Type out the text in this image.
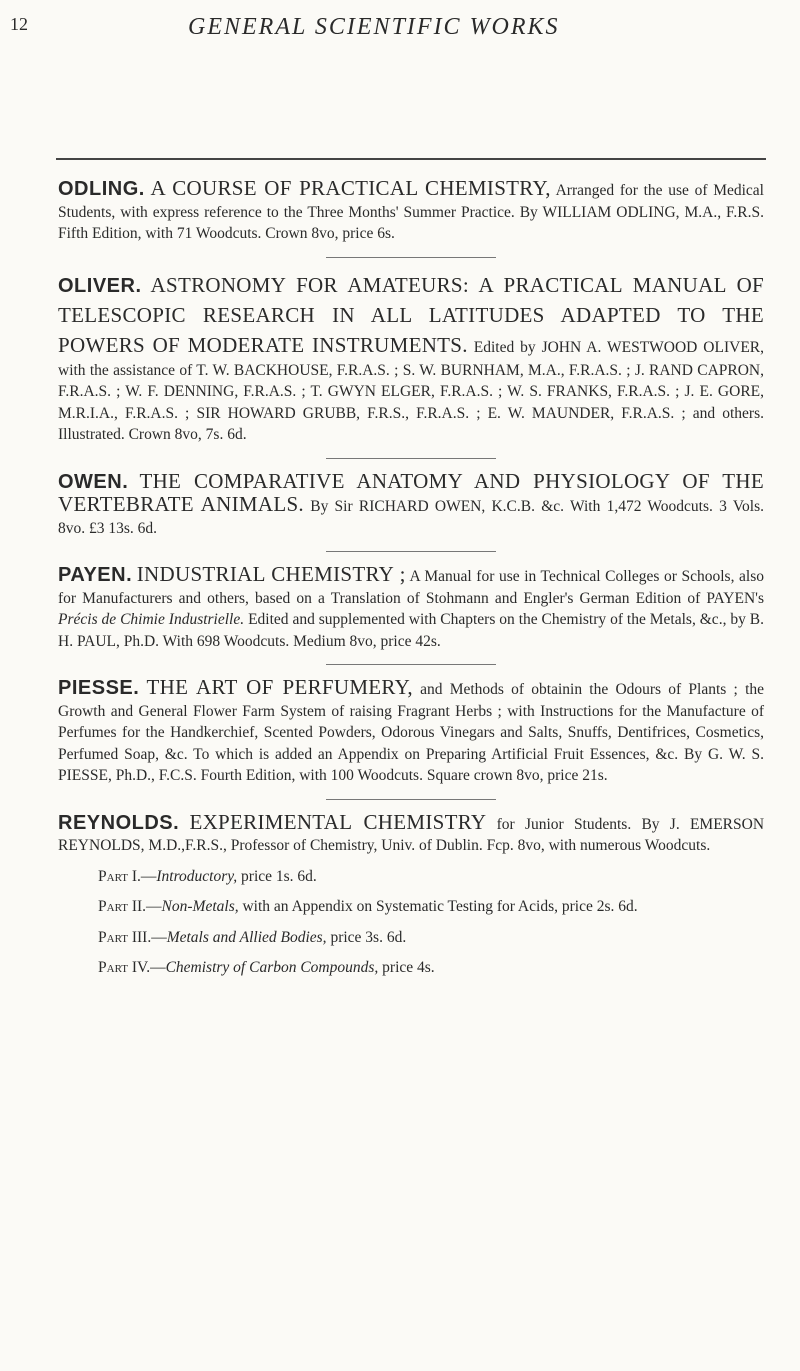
12	GENERAL SCIENTIFIC WORKS

ODLING. A COURSE OF PRACTICAL CHEMISTRY, Arranged for the use of Medical Students, with express reference to the Three Months' Summer Practice. By WILLIAM ODLING, M.A., F.R.S. Fifth Edition, with 71 Woodcuts. Crown 8vo, price 6s.

OLIVER. ASTRONOMY FOR AMATEURS: A PRACTICAL MANUAL OF TELESCOPIC RESEARCH IN ALL LATITUDES ADAPTED TO THE POWERS OF MODERATE INSTRUMENTS. Edited by JOHN A. WESTWOOD OLIVER, with the assistance of T. W. BACKHOUSE, F.R.A.S. ; S. W. BURNHAM, M.A., F.R.A.S. ; J. RAND CAPRON, F.R.A.S. ; W. F. DENNING, F.R.A.S. ; T. GWYN ELGER, F.R.A.S. ; W. S. FRANKS, F.R.A.S. ; J. E. GORE, M.R.I.A., F.R.A.S. ; SIR HOWARD GRUBB, F.R.S., F.R.A.S. ; E. W. MAUNDER, F.R.A.S. ; and others. Illustrated. Crown 8vo, 7s. 6d.

OWEN. THE COMPARATIVE ANATOMY AND PHYSIOLOGY OF THE VERTEBRATE ANIMALS. By Sir RICHARD OWEN, K.C.B. &c. With 1,472 Woodcuts. 3 Vols. 8vo. £3 13s. 6d.

PAYEN. INDUSTRIAL CHEMISTRY ; A Manual for use in Technical Colleges or Schools, also for Manufacturers and others, based on a Translation of Stohmann and Engler's German Edition of PAYEN's Précis de Chimie Industrielle. Edited and supplemented with Chapters on the Chemistry of the Metals, &c., by B. H. PAUL, Ph.D. With 698 Woodcuts. Medium 8vo, price 42s.

PIESSE. THE ART OF PERFUMERY, and Methods of obtainin the Odours of Plants ; the Growth and General Flower Farm System of raising Fragrant Herbs ; with Instructions for the Manufacture of Perfumes for the Handkerchief, Scented Powders, Odorous Vinegars and Salts, Snuffs, Dentifrices, Cosmetics, Perfumed Soap, &c. To which is added an Appendix on Preparing Artificial Fruit Essences, &c. By G. W. S. PIESSE, Ph.D., F.C.S. Fourth Edition, with 100 Woodcuts. Square crown 8vo, price 21s.

REYNOLDS. EXPERIMENTAL CHEMISTRY for Junior Students. By J. EMERSON REYNOLDS, M.D.,F.R.S., Professor of Chemistry, Univ. of Dublin. Fcp. 8vo, with numerous Woodcuts.

Part I.—Introductory, price 1s. 6d.

Part II.—Non-Metals, with an Appendix on Systematic Testing for Acids, price 2s. 6d.

Part III.—Metals and Allied Bodies, price 3s. 6d.

Part IV.—Chemistry of Carbon Compounds, price 4s.
